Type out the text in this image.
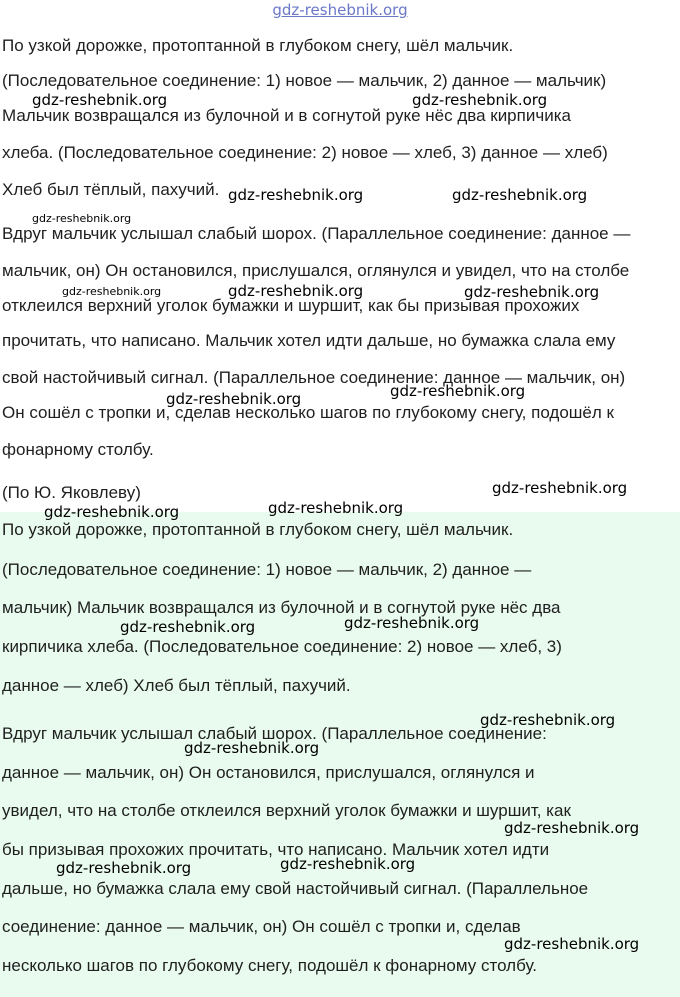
gdz-reshebnik.org
По узкой дорожке, протоптанной в глубоком снегу, шёл мальчик.
(Последовательное соединение: 1) новое — мальчик, 2) данное — мальчик)
Мальчик возвращался из булочной и в согнутой руке нёс два кирпичика
хлеба. (Последовательное соединение: 2) новое — хлеб, 3) данное — хлеб)
Хлеб был тёплый, пахучий.
Вдруг мальчик услышал слабый шорох. (Параллельное соединение: данное —
мальчик, он) Он остановился, прислушался, оглянулся и увидел, что на столбе
отклеился верхний уголок бумажки и шуршит, как бы призывая прохожих
прочитать, что написано. Мальчик хотел идти дальше, но бумажка слала ему
свой настойчивый сигнал. (Параллельное соединение: данное — мальчик, он)
Он сошёл с тропки и, сделав несколько шагов по глубокому снегу, подошёл к
фонарному столбу.
(По Ю. Яковлеву)
По узкой дорожке, протоптанной в глубоком снегу, шёл мальчик.
(Последовательное соединение: 1) новое — мальчик, 2) данное —
мальчик) Мальчик возвращался из булочной и в согнутой руке нёс два
кирпичика хлеба. (Последовательное соединение: 2) новое — хлеб, 3)
данное — хлеб) Хлеб был тёплый, пахучий.
Вдруг мальчик услышал слабый шорох. (Параллельное соединение:
данное — мальчик, он) Он остановился, прислушался, оглянулся и
увидел, что на столбе отклеился верхний уголок бумажки и шуршит, как
бы призывая прохожих прочитать, что написано. Мальчик хотел идти
дальше, но бумажка слала ему свой настойчивый сигнал. (Параллельное
соединение: данное — мальчик, он) Он сошёл с тропки и, сделав
несколько шагов по глубокому снегу, подошёл к фонарному столбу.
gdz-reshebnik.org	gdz-reshebnik.org
gdz-reshebnik.org	gdz-reshebnik.org
gdz-reshebnik.org
gdz-reshebnik.org	gdz-reshebnik.org	gdz-reshebnik.org
gdz-reshebnik.org
gdz-reshebnik.org
gdz-reshebnik.org
gdz-reshebnik.org
gdz-reshebnik.org
gdz-reshebnik.org
gdz-reshebnik.org
gdz-reshebnik.org
gdz-reshebnik.org
gdz-reshebnik.org
gdz-reshebnik.org
gdz-reshebnik.org
gdz-reshebnik.org
